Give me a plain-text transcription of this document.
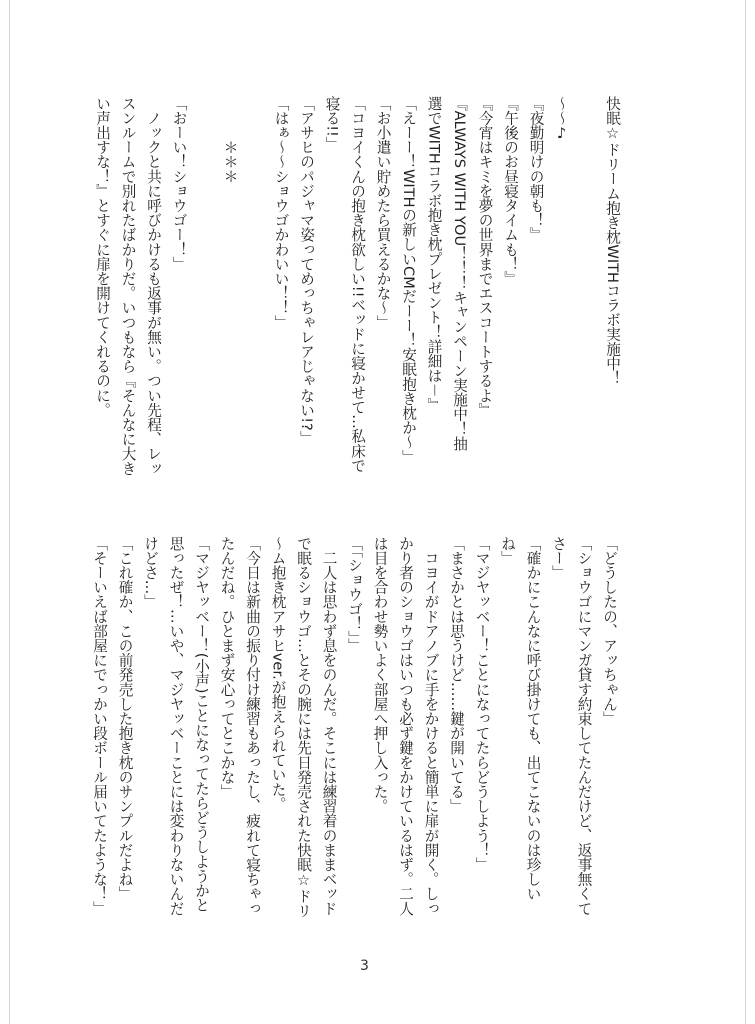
快眠☆ドリーム抱き枕WITHコラボ実施中！
～～♪
『夜勤明けの朝も！』
『午後のお昼寝タイムも！』
『今宵はキミを夢の世界までエスコートするよ』
『ALWAYS WITH YOU！！！キャンペーン実施中！抽
選でWITHコラボ抱き枕プレゼント！詳細は－』
「えーー！WITHの新しいCMだーー！安眠抱き枕か～」
「お小遣い貯めたら買えるかな～」
「コヨイくんの抱き枕欲しい!!ベッドに寝かせて…私床で
寝る!!」
「アサヒのパジャマ姿ってめっちゃレアじゃない!?」
「はぁ～～ショウゴかわいい！！」
　　　＊＊＊
「おーい！ショウゴー！」
　ノックと共に呼びかけるも返事が無い。つい先程、レッ
スンルームで別れたばかりだ。いつもなら『そんなに大き
い声出すな！』とすぐに扉を開けてくれるのに。
「どうしたの、アッちゃん」
「ショウゴにマンガ貸す約束してたんだけど、返事無くて
さー」
「確かにこんなに呼び掛けても、出てこないのは珍しい
ね」
「マジヤッベー！ことになってたらどうしよう！」
「まさかとは思うけど……鍵が開いてる」
　コヨイがドアノブに手をかけると簡単に扉が開く。しっ
かり者のショウゴはいつも必ず鍵をかけているはず。二人
は目を合わせ勢いよく部屋へ押し入った。
「「ショウゴ！」」
　二人は思わず息をのんだ。そこには練習着のままベッド
で眠るショウゴ…とその腕には先日発売された快眠☆ドリ
～ム抱き枕アサヒver.が抱えられていた。
「今日は新曲の振り付け練習もあったし、疲れて寝ちゃっ
たんだね。ひとまず安心ってとこかな」
「マジヤッベー！(小声)ことになってたらどうしようかと
思ったぜ！…いや、マジヤッベーことには変わりないんだ
けどさ…」
「これ確か、この前発売した抱き枕のサンプルだよね」
「そーいえば部屋にでっかい段ボール届いてたような！」
3
